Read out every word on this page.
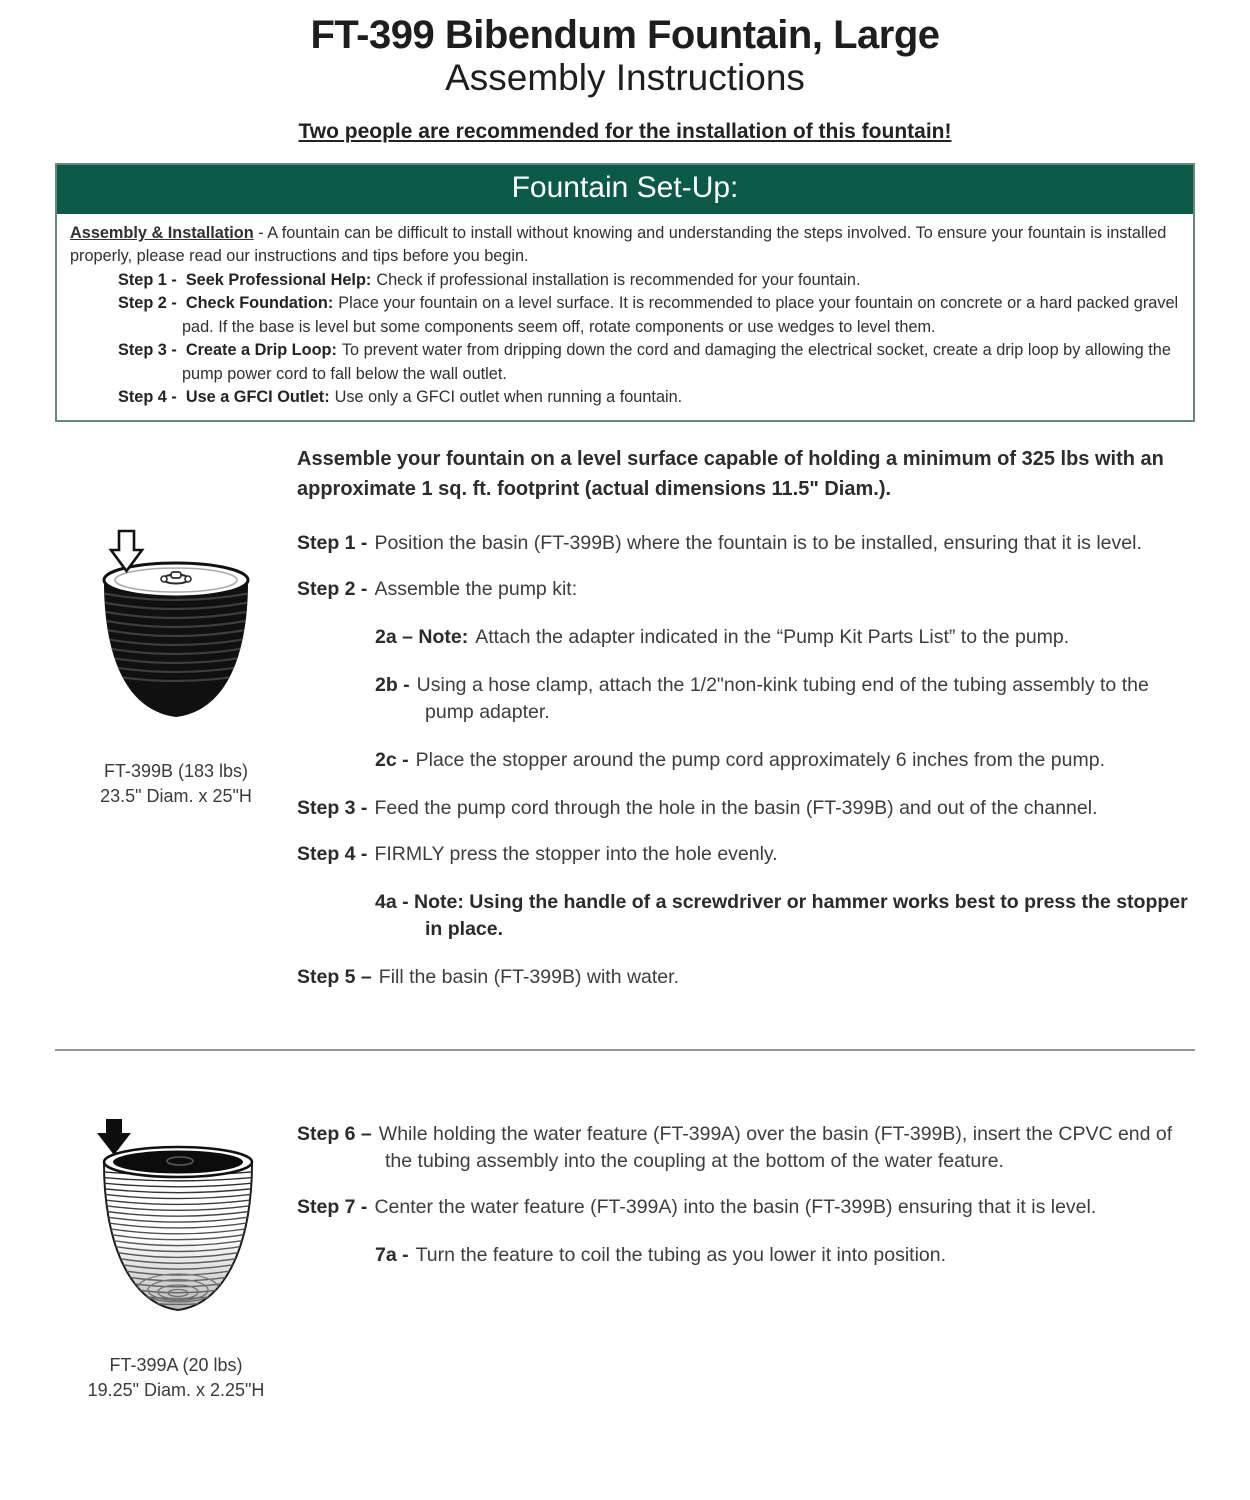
FT-399 Bibendum Fountain, Large
Assembly Instructions
Two people are recommended for the installation of this fountain!
Fountain Set-Up:

Assembly & Installation - A fountain can be difficult to install without knowing and understanding the steps involved. To ensure your fountain is installed properly, please read our instructions and tips before you begin.

Step 1 - Seek Professional Help: Check if professional installation is recommended for your fountain.
Step 2 - Check Foundation: Place your fountain on a level surface. It is recommended to place your fountain on concrete or a hard packed gravel pad. If the base is level but some components seem off, rotate components or use wedges to level them.
Step 3 - Create a Drip Loop: To prevent water from dripping down the cord and damaging the electrical socket, create a drip loop by allowing the pump power cord to fall below the wall outlet.
Step 4 - Use a GFCI Outlet: Use only a GFCI outlet when running a fountain.
FT-399B (183 lbs)
23.5" Diam. x 25"H

Assemble your fountain on a level surface capable of holding a minimum of 325 lbs with an approximate 1 sq. ft. footprint (actual dimensions 11.5" Diam.).

Step 1 - Position the basin (FT-399B) where the fountain is to be installed, ensuring that it is level.
Step 2 - Assemble the pump kit:
2a – Note: Attach the adapter indicated in the “Pump Kit Parts List” to the pump.
2b - Using a hose clamp, attach the 1/2"non-kink tubing end of the tubing assembly to the pump adapter.
2c - Place the stopper around the pump cord approximately 6 inches from the pump.
Step 3 - Feed the pump cord through the hole in the basin (FT-399B) and out of the channel.
Step 4 - FIRMLY press the stopper into the hole evenly.
4a - Note: Using the handle of a screwdriver or hammer works best to press the stopper in place.
Step 5 – Fill the basin (FT-399B) with water.
FT-399A (20 lbs)
19.25" Diam. x 2.25"H
Step 6 – While holding the water feature (FT-399A) over the basin (FT-399B), insert the CPVC end of the tubing assembly into the coupling at the bottom of the water feature.
Step 7 - Center the water feature (FT-399A) into the basin (FT-399B) ensuring that it is level.
7a - Turn the feature to coil the tubing as you lower it into position.
